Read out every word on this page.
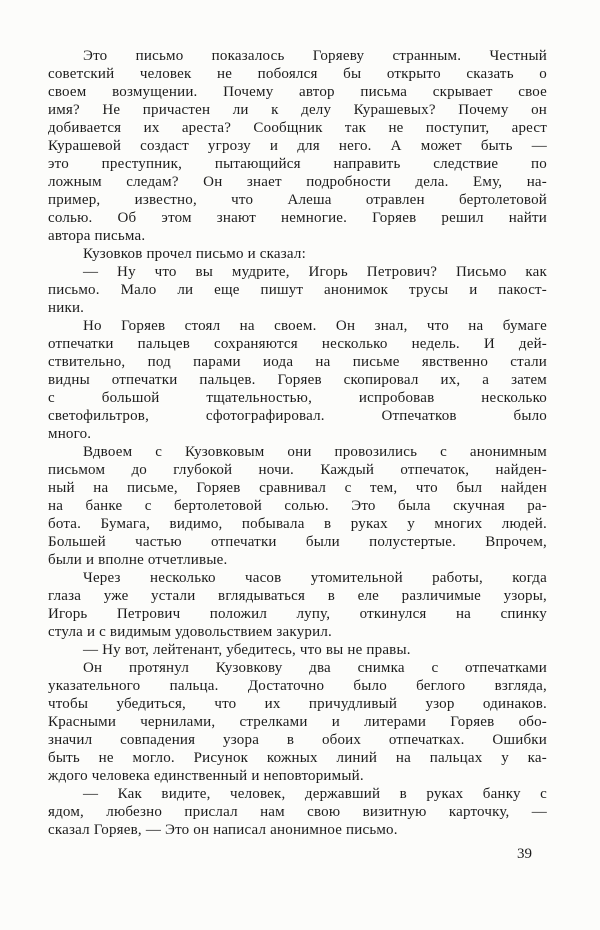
Это письмо показалось Горяеву странным. Честный
советский человек не побоялся бы открыто сказать о
своем возмущении. Почему автор письма скрывает свое
имя? Не причастен ли к делу Курашевых? Почему он
добивается их ареста? Сообщник так не поступит, арест
Курашевой создаст угрозу и для него. А может быть —
это преступник, пытающийся направить следствие по
ложным следам? Он знает подробности дела. Ему, на-
пример, известно, что Алеша отравлен бертолетовой
солью. Об этом знают немногие. Горяев решил найти
автора письма.
Кузовков прочел письмо и сказал:
— Ну что вы мудрите, Игорь Петрович? Письмо как
письмо. Мало ли еще пишут анонимок трусы и пакост-
ники.
Но Горяев стоял на своем. Он знал, что на бумаге
отпечатки пальцев сохраняются несколько недель. И дей-
ствительно, под парами иода на письме явственно стали
видны отпечатки пальцев. Горяев скопировал их, а затем
с большой тщательностью, испробовав несколько
светофильтров, сфотографировал. Отпечатков было
много.
Вдвоем с Кузовковым они провозились с анонимным
письмом до глубокой ночи. Каждый отпечаток, найден-
ный на письме, Горяев сравнивал с тем, что был найден
на банке с бертолетовой солью. Это была скучная ра-
бота. Бумага, видимо, побывала в руках у многих людей.
Большей частью отпечатки были полустертые. Впрочем,
были и вполне отчетливые.
Через несколько часов утомительной работы, когда
глаза уже устали вглядываться в еле различимые узоры,
Игорь Петрович положил лупу, откинулся на спинку
стула и с видимым удовольствием закурил.
— Ну вот, лейтенант, убедитесь, что вы не правы.
Он протянул Кузовкову два снимка с отпечатками
указательного пальца. Достаточно было беглого взгляда,
чтобы убедиться, что их причудливый узор одинаков.
Красными чернилами, стрелками и литерами Горяев обо-
значил совпадения узора в обоих отпечатках. Ошибки
быть не могло. Рисунок кожных линий на пальцах у ка-
ждого человека единственный и неповторимый.
— Как видите, человек, державший в руках банку с
ядом, любезно прислал нам свою визитную карточку, —
сказал Горяев, — Это он написал анонимное письмо.
39
